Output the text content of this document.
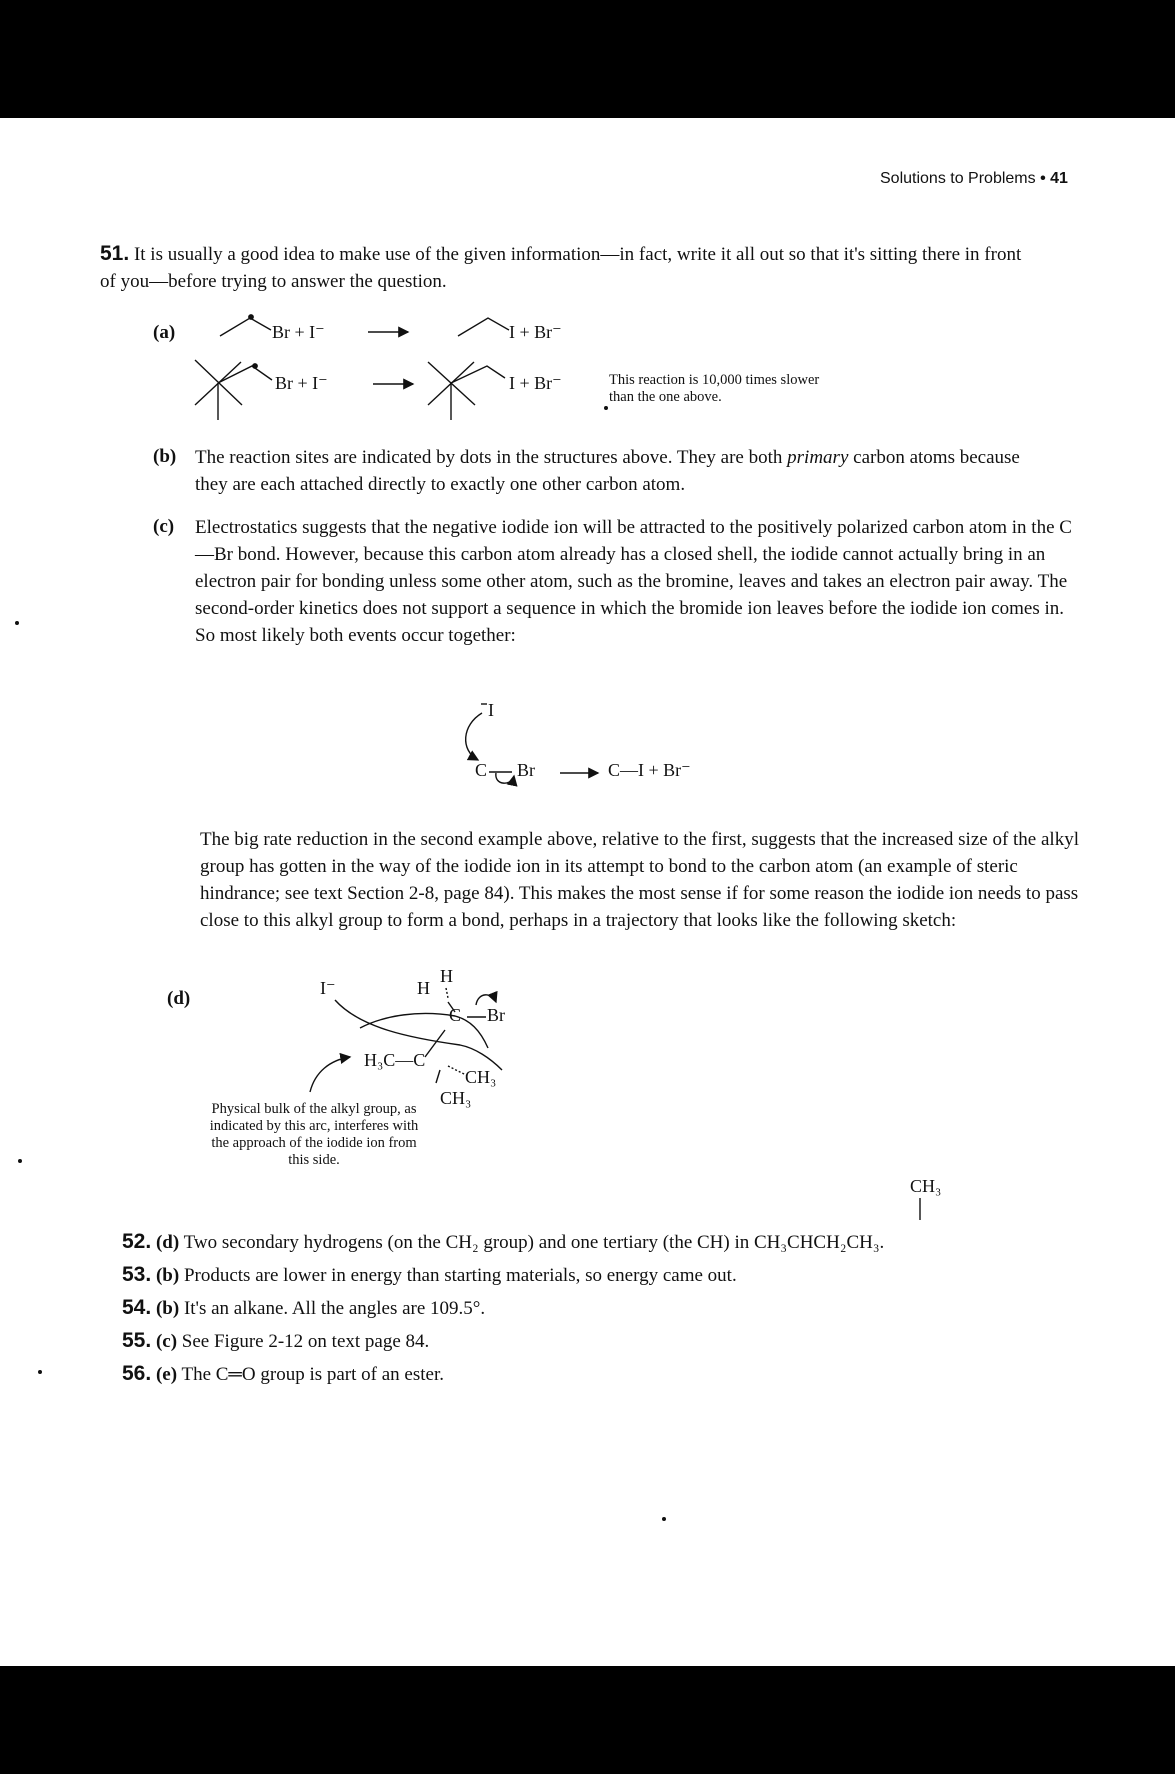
Solutions to Problems • 41
51. It is usually a good idea to make use of the given information—in fact, write it all out so that it's sitting there in front of you—before trying to answer the question.
(a)	Br + I⁻	I + Br⁻
Br + I⁻	I + Br⁻	This reaction is 10,000 times slower
than the one above.
(b) The reaction sites are indicated by dots in the structures above. They are both primary carbon atoms because they are each attached directly to exactly one other carbon atom.
(c) Electrostatics suggests that the negative iodide ion will be attracted to the positively polarized carbon atom in the C—Br bond. However, because this carbon atom already has a closed shell, the iodide cannot actually bring in an electron pair for bonding unless some other atom, such as the bromine, leaves and takes an electron pair away. The second-order kinetics does not support a sequence in which the bromide ion leaves before the iodide ion comes in. So most likely both events occur together:
I
C Br	C—I + Br⁻
The big rate reduction in the second example above, relative to the first, suggests that the increased size of the alkyl group has gotten in the way of the iodide ion in its attempt to bond to the carbon atom (an example of steric hindrance; see text Section 2-8, page 84). This makes the most sense if for some reason the iodide ion needs to pass close to this alkyl group to form a bond, perhaps in a trajectory that looks like the following sketch:
(d)	I⁻	H
H
C Br
H₃C—C
CH₃
CH₃
Physical bulk of the alkyl group, as indicated by this arc, interferes with the approach of the iodide ion from this side.
CH₃
52. (d) Two secondary hydrogens (on the CH₂ group) and one tertiary (the CH) in CH₃CHCH₂CH₃.
53. (b) Products are lower in energy than starting materials, so energy came out.
54. (b) It's an alkane. All the angles are 109.5°.
55. (c) See Figure 2-12 on text page 84.
56. (e) The C═O group is part of an ester.
